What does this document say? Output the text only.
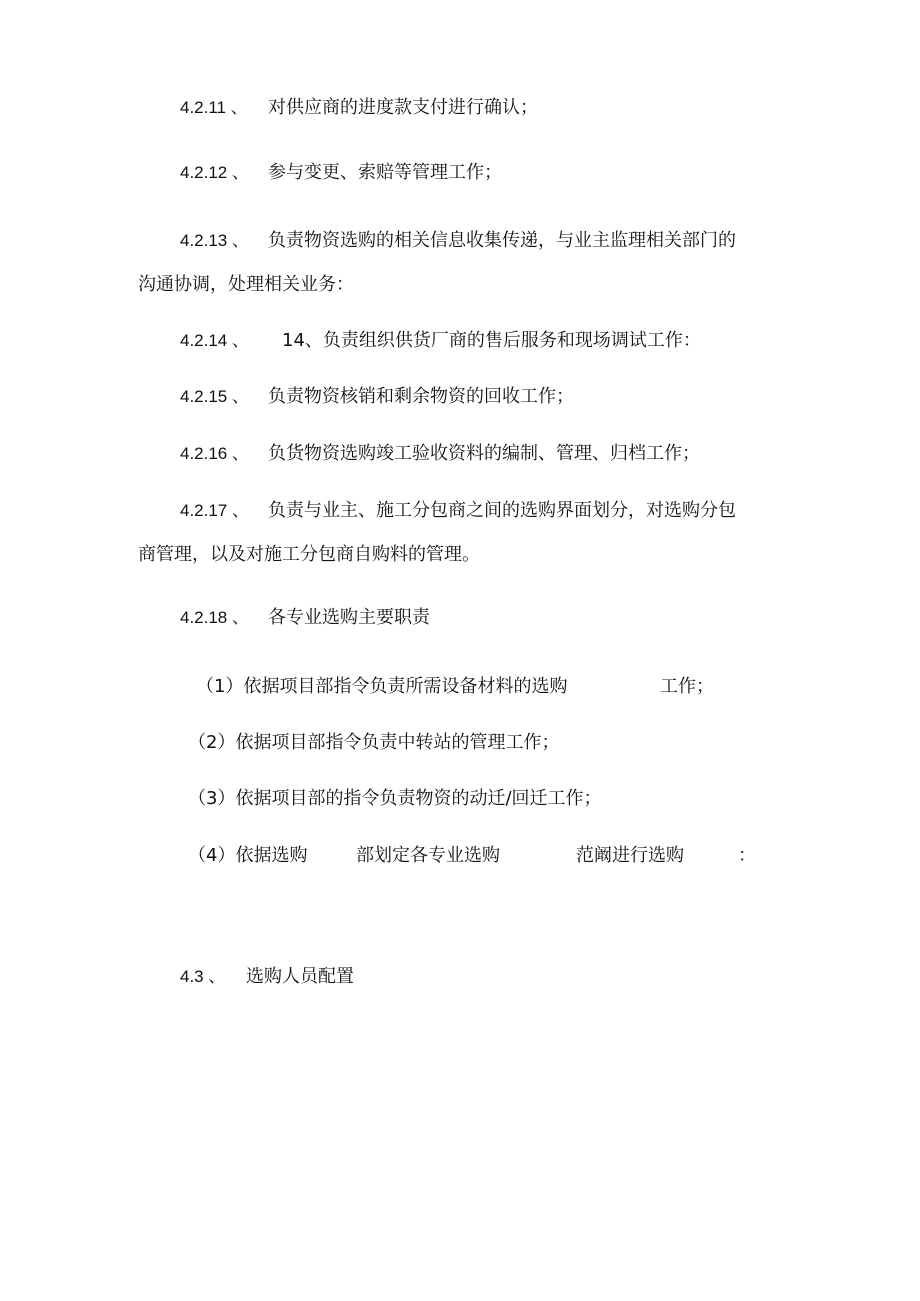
4.2.11 、 对供应商的进度款支付进行确认；
4.2.12 、 参与变更、索赔等管理工作；
4.2.13 、 负责物资选购的相关信息收集传递，与业主监理相关部门的
沟通协调，处理相关业务：
4.2.14 、 14、负责组织供货厂商的售后服务和现场调试工作：
4.2.15 、 负责物资核销和剩余物资的回收工作；
4.2.16 、 负货物资选购竣工验收资料的编制、管理、归档工作；
4.2.17 、 负责与业主、施工分包商之间的选购界面划分，对选购分包
商管理，以及对施工分包商自购料的管理。
4.2.18 、 各专业选购主要职责
（1）依据项目部指令负责所需设备材料的选购	工作；
（2）依据项目部指令负责中转站的管理工作；
（3）依据项目部的指令负责物资的动迁/回迁工作；
（4）依据选购	部划定各专业选购	范阚进行选购	：
4.3 、 选购人员配置
